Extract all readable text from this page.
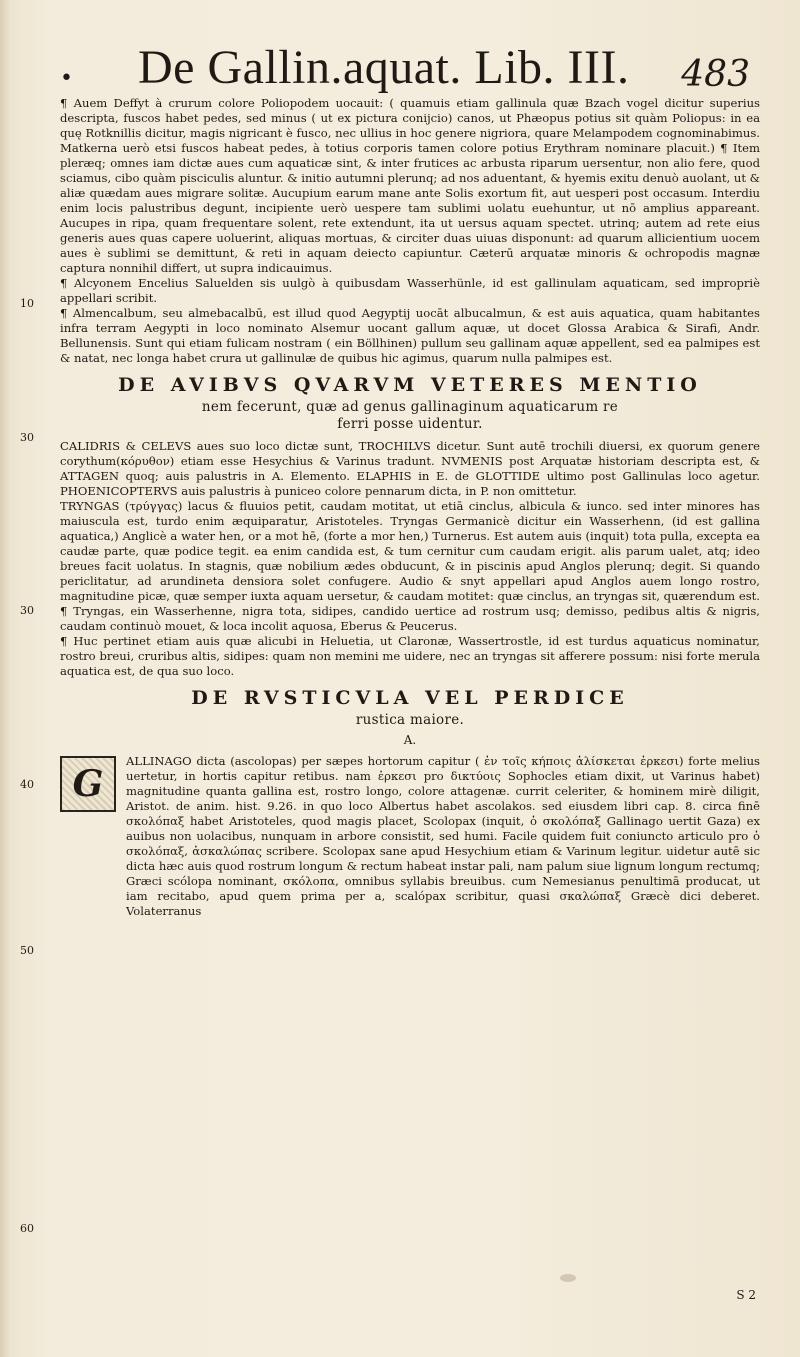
• De Gallin.aquat. Lib. III. 483
10
30
30
40
50
60

¶ Auem Deffyt à crurum colore Poliopodem uocauit: ( quamuis etiam gallinula quæ Bzach vogel dicitur superius descripta, fuscos habet pedes, sed minus ( ut ex pictura conijcio) canos, ut Phæopus potius sit quàm Poliopus: in ea quę Rotknillis dicitur, magis nigricant è fusco, nec ullius in hoc genere nigriora, quare Melampodem cognominabimus. Matkerna uerò etsi fuscos habeat pedes, à totius corporis tamen colore potius Erythram nominare placuit.) ¶ Item pleræq; omnes iam dictæ aues cum aquaticæ sint, & inter frutices ac arbusta riparum uersentur, non alio fere, quod sciamus, cibo quàm pisciculis aluntur. & initio autumni plerunq; ad nos aduentant, & hyemis exitu denuò auolant, ut & aliæ quædam aues migrare solitæ. Aucupium earum mane ante Solis exortum fit, aut uesperi post occasum. Interdiu enim locis palustribus degunt, incipiente uerò uespere tam sublimi uolatu euehuntur, ut nō amplius appareant. Aucupes in ripa, quam frequentare solent, rete extendunt, ita ut uersus aquam spectet. utrinq; autem ad rete eius generis aues quas capere uoluerint, aliquas mortuas, & circiter duas uiuas disponunt: ad quarum allicientium uocem aues è sublimi se demittunt, & reti in aquam deiecto capiuntur. Cæterū arquatæ minoris & ochropodis magnæ captura nonnihil differt, ut supra indicauimus.

¶ Alcyonem Encelius Saluelden sis uulgò à quibusdam Wasserhünle, id est gallinulam aquaticam, sed impropriè appellari scribit.

¶ Almencalbum, seu almebacalbū, est illud quod Aegyptij uocāt albucalmun, & est auis aquatica, quam habitantes infra terram Aegypti in loco nominato Alsemur uocant gallum aquæ, ut docet Glossa Arabica & Sirafi, Andr. Bellunensis. Sunt qui etiam fulicam nostram ( ein Böllhinen) pullum seu gallinam aquæ appellent, sed ea palmipes est & natat, nec longa habet crura ut gallinulæ de quibus hic agimus, quarum nulla palmipes est.

DE AVIBVS QVARVM VETERES MENTIO
nem fecerunt, quæ ad genus gallinaginum aquaticarum re
ferri posse uidentur.

CALIDRIS & CELEVS aues suo loco dictæ sunt, TROCHILVS dicetur. Sunt autē trochili diuersi, ex quorum genere corythum(κόρυθον) etiam esse Hesychius & Varinus tradunt. NVMENIS post Arquatæ historiam descripta est, & ATTAGEN quoq; auis palustris in A. Elemento. ELAPHIS in E. de GLOTTIDE ultimo post Gallinulas loco agetur. PHOENICOPTERVS auis palustris à puniceo colore pennarum dicta, in P. non omittetur.

TRYNGAS (τρύγγας) lacus & fluuios petit, caudam motitat, ut etiā cinclus, albicula & iunco. sed inter minores has maiuscula est, turdo enim æquiparatur, Aristoteles. Tryngas Germanicè dicitur ein Wasserhenn, (id est gallina aquatica,) Anglicè a water hen, or a mot hē, (forte a mor hen,) Turnerus. Est autem auis (inquit) tota pulla, excepta ea caudæ parte, quæ podice tegit. ea enim candida est, & tum cernitur cum caudam erigit. alis parum ualet, atq; ideo breues facit uolatus. In stagnis, quæ nobilium ædes obducunt, & in piscinis apud Anglos plerunq; degit. Si quando periclitatur, ad arundineta densiora solet confugere. Audio & snyt appellari apud Anglos auem longo rostro, magnitudine picæ, quæ semper iuxta aquam uersetur, & caudam motitet: quæ cinclus, an tryngas sit, quærendum est. ¶ Tryngas, ein Wasserhenne, nigra tota, sidipes, candido uertice ad rostrum usq; demisso, pedibus altis & nigris, caudam continuò mouet, & loca incolit aquosa, Eberus & Peucerus.

¶ Huc pertinet etiam auis quæ alicubi in Heluetia, ut Claronæ, Wassertrostle, id est turdus aquaticus nominatur, rostro breui, cruribus altis, sidipes: quam non memini me uidere, nec an tryngas sit afferere possum: nisi forte merula aquatica est, de qua suo loco.

DE RVSTICVLA VEL PERDICE
rustica maiore.
A.
G

ALLINAGO dicta (ascolopas) per sæpes hortorum capitur ( ἐν τοῖς κήποις ἁλίσκεται ἐρκεσι) forte melius uertetur, in hortis capitur retibus. nam ἐρκεσι pro δικτύοις Sophocles etiam dixit, ut Varinus habet) magnitudine quanta gallina est, rostro longo, colore attagenæ. currit celeriter, & hominem mirè diligit, Aristot. de anim. hist. 9.26. in quo loco Albertus habet ascolakos. sed eiusdem libri cap. 8. circa finē σκολόπαξ habet Aristoteles, quod magis placet, Scolopax (inquit, ὁ σκολόπαξ Gallinago uertit Gaza) ex auibus non uolacibus, nunquam in arbore consistit, sed humi. Facile quidem fuit coniuncto articulo pro ὁ σκολόπαξ, ἀσκαλώπας scribere. Scolopax sane apud Hesychium etiam & Varinum legitur. uidetur autē sic dicta hæc auis quod rostrum longum & rectum habeat instar pali, nam palum siue lignum longum rectumq; Græci scólopa nominant, σκόλοπα, omnibus syllabis breuibus. cum Nemesianus penultimā producat, ut iam recitabo, apud quem prima per a, scalópax scribitur, quasi σκαλώπαξ Græcè dici deberet. Volaterranus

S 2
